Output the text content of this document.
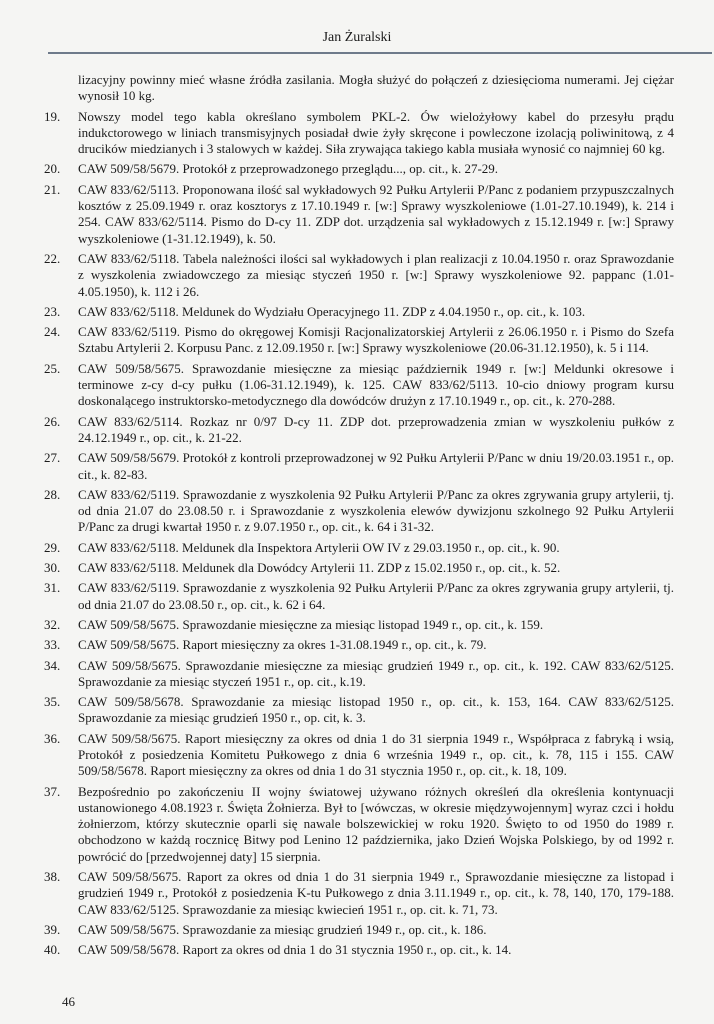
Jan Żuralski

lizacyjny powinny mieć własne źródła zasilania. Mogła służyć do połączeń z dziesięcioma numerami. Jej ciężar wynosił 10 kg.

19.	Nowszy model tego kabla określano symbolem PKL-2. Ów wielożyłowy kabel do przesyłu prądu indukctorowego w liniach transmisyjnych posiadał dwie żyły skręcone i powleczone izolacją poliwinitową, z 4 drucików miedzianych i 3 stalowych w każdej. Siła zrywająca takiego kabla musiała wynosić co najmniej 60 kg.
20.	CAW 509/58/5679. Protokół z przeprowadzonego przeglądu..., op. cit., k. 27-29.
21.	CAW 833/62/5113. Proponowana ilość sal wykładowych 92 Pułku Artylerii P/Panc z podaniem przypuszczalnych kosztów z 25.09.1949 r. oraz kosztorys z 17.10.1949 r. [w:] Sprawy wyszkoleniowe (1.01-27.10.1949), k. 214 i 254. CAW 833/62/5114. Pismo do D-cy 11. ZDP dot. urządzenia sal wykładowych z 15.12.1949 r. [w:] Sprawy wyszkoleniowe (1-31.12.1949), k. 50.
22.	CAW 833/62/5118. Tabela należności ilości sal wykładowych i plan realizacji z 10.04.1950 r. oraz Sprawozdanie z wyszkolenia zwiadowczego za miesiąc styczeń 1950 r. [w:] Sprawy wyszkoleniowe 92. pappanc (1.01-4.05.1950), k. 112 i 26.
23.	CAW 833/62/5118. Meldunek do Wydziału Operacyjnego 11. ZDP z 4.04.1950 r., op. cit., k. 103.
24.	CAW 833/62/5119. Pismo do okręgowej Komisji Racjonalizatorskiej Artylerii z 26.06.1950 r. i Pismo do Szefa Sztabu Artylerii 2. Korpusu Panc. z 12.09.1950 r. [w:] Sprawy wyszkoleniowe (20.06-31.12.1950), k. 5 i 114.
25.	CAW 509/58/5675. Sprawozdanie miesięczne za miesiąc październik 1949 r. [w:] Meldunki okresowe i terminowe z-cy d-cy pułku (1.06-31.12.1949), k. 125. CAW 833/62/5113. 10-cio dniowy program kursu doskonalącego instruktorsko-metodycznego dla dowódców drużyn z 17.10.1949 r., op. cit., k. 270-288.
26.	CAW 833/62/5114. Rozkaz nr 0/97 D-cy 11. ZDP dot. przeprowadzenia zmian w wyszkoleniu pułków z 24.12.1949 r., op. cit., k. 21-22.
27.	CAW 509/58/5679. Protokół z kontroli przeprowadzonej w 92 Pułku Artylerii P/Panc w dniu 19/20.03.1951 r., op. cit., k. 82-83.
28.	CAW 833/62/5119. Sprawozdanie z wyszkolenia 92 Pułku Artylerii P/Panc za okres zgrywania grupy artylerii, tj. od dnia 21.07 do 23.08.50 r. i Sprawozdanie z wyszkolenia elewów dywizjonu szkolnego 92 Pułku Artylerii P/Panc za drugi kwartał 1950 r. z 9.07.1950 r., op. cit., k. 64 i 31-32.
29.	CAW 833/62/5118. Meldunek dla Inspektora Artylerii OW IV z 29.03.1950 r., op. cit., k. 90.
30.	CAW 833/62/5118. Meldunek dla Dowódcy Artylerii 11. ZDP z 15.02.1950 r., op. cit., k. 52.
31.	CAW 833/62/5119. Sprawozdanie z wyszkolenia 92 Pułku Artylerii P/Panc za okres zgrywania grupy artylerii, tj. od dnia 21.07 do 23.08.50 r., op. cit., k. 62 i 64.
32.	CAW 509/58/5675. Sprawozdanie miesięczne za miesiąc listopad 1949 r., op. cit., k. 159.
33.	CAW 509/58/5675. Raport miesięczny za okres 1-31.08.1949 r., op. cit., k. 79.
34.	CAW 509/58/5675. Sprawozdanie miesięczne za miesiąc grudzień 1949 r., op. cit., k. 192. CAW 833/62/5125. Sprawozdanie za miesiąc styczeń 1951 r., op. cit., k.19.
35.	CAW 509/58/5678. Sprawozdanie za miesiąc listopad 1950 r., op. cit., k. 153, 164. CAW 833/62/5125. Sprawozdanie za miesiąc grudzień 1950 r., op. cit, k. 3.
36.	CAW 509/58/5675. Raport miesięczny za okres od dnia 1 do 31 sierpnia 1949 r., Współpraca z fabryką i wsią, Protokół z posiedzenia Komitetu Pułkowego z dnia 6 września 1949 r., op. cit., k. 78, 115 i 155. CAW 509/58/5678. Raport miesięczny za okres od dnia 1 do 31 stycznia 1950 r., op. cit., k. 18, 109.
37.	Bezpośrednio po zakończeniu II wojny światowej używano różnych określeń dla określenia kontynuacji ustanowionego 4.08.1923 r. Święta Żołnierza. Był to [wówczas, w okresie międzywojennym] wyraz czci i hołdu żołnierzom, którzy skutecznie oparli się nawale bolszewickiej w roku 1920. Święto to od 1950 do 1989 r. obchodzono w każdą rocznicę Bitwy pod Lenino 12 października, jako Dzień Wojska Polskiego, by od 1992 r. powrócić do [przedwojennej daty] 15 sierpnia.
38.	CAW 509/58/5675. Raport za okres od dnia 1 do 31 sierpnia 1949 r., Sprawozdanie miesięczne za listopad i grudzień 1949 r., Protokół z posiedzenia K-tu Pułkowego z dnia 3.11.1949 r., op. cit., k. 78, 140, 170, 179-188. CAW 833/62/5125. Sprawozdanie za miesiąc kwiecień 1951 r., op. cit. k. 71, 73.
39.	CAW 509/58/5675. Sprawozdanie za miesiąc grudzień 1949 r., op. cit., k. 186.
40.	CAW 509/58/5678. Raport za okres od dnia 1 do 31 stycznia 1950 r., op. cit., k. 14.
46
